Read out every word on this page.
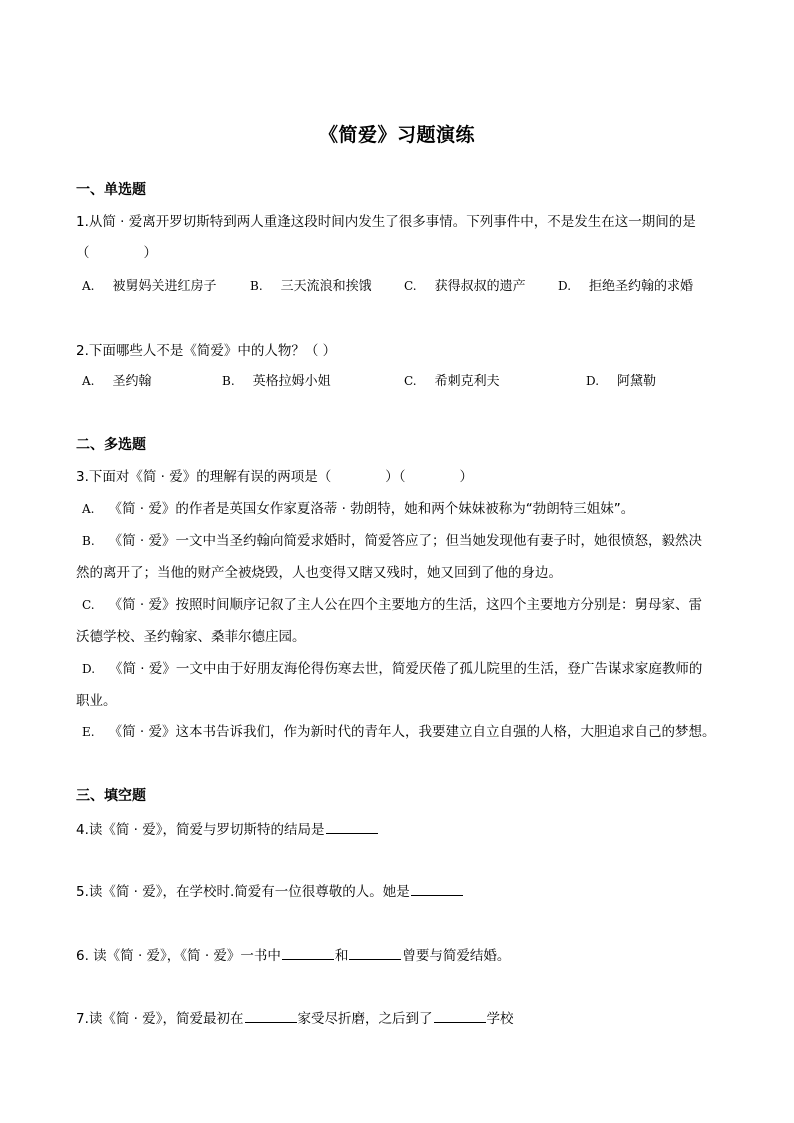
《简爱》习题演练
一、单选题
1.从简 · 爱离开罗切斯特到两人重逢这段时间内发生了很多事情。下列事件中，不是发生在这一期间的是
（　　　　）
A. 被舅妈关进红房子	B. 三天流浪和挨饿	C. 获得叔叔的遗产	D. 拒绝圣约翰的求婚
2.下面哪些人不是《简爱》中的人物？（ ）
A. 圣约翰	B. 英格拉姆小姐	C. 希刺克利夫	D. 阿黛勒
二、多选题
3.下面对《简 · 爱》的理解有误的两项是（　　　　）（　　　　）
A. 《简 · 爱》的作者是英国女作家夏洛蒂 · 勃朗特，她和两个妹妹被称为“勃朗特三姐妹”。
B. 《简 · 爱》一文中当圣约翰向简爱求婚时，简爱答应了；但当她发现他有妻子时，她很愤怒，毅然决
然的离开了；当他的财产全被烧毁，人也变得又瞎又残时，她又回到了他的身边。
C. 《简 · 爱》按照时间顺序记叙了主人公在四个主要地方的生活，这四个主要地方分别是：舅母家、雷
沃德学校、圣约翰家、桑菲尔德庄园。
D. 《简 · 爱》一文中由于好朋友海伦得伤寒去世，简爱厌倦了孤儿院里的生活，登广告谋求家庭教师的
职业。
E. 《简 · 爱》这本书告诉我们，作为新时代的青年人，我要建立自立自强的人格，大胆追求自己的梦想。
三、填空题
4.读《简 · 爱》，简爱与罗切斯特的结局是
5.读《简 · 爱》，在学校时.简爱有一位很尊敬的人。她是
6. 读《简 · 爱》，《简 · 爱》一书中	和	曾要与简爱结婚。
7.读《简 · 爱》，简爱最初在	家受尽折磨，之后到了	学校
